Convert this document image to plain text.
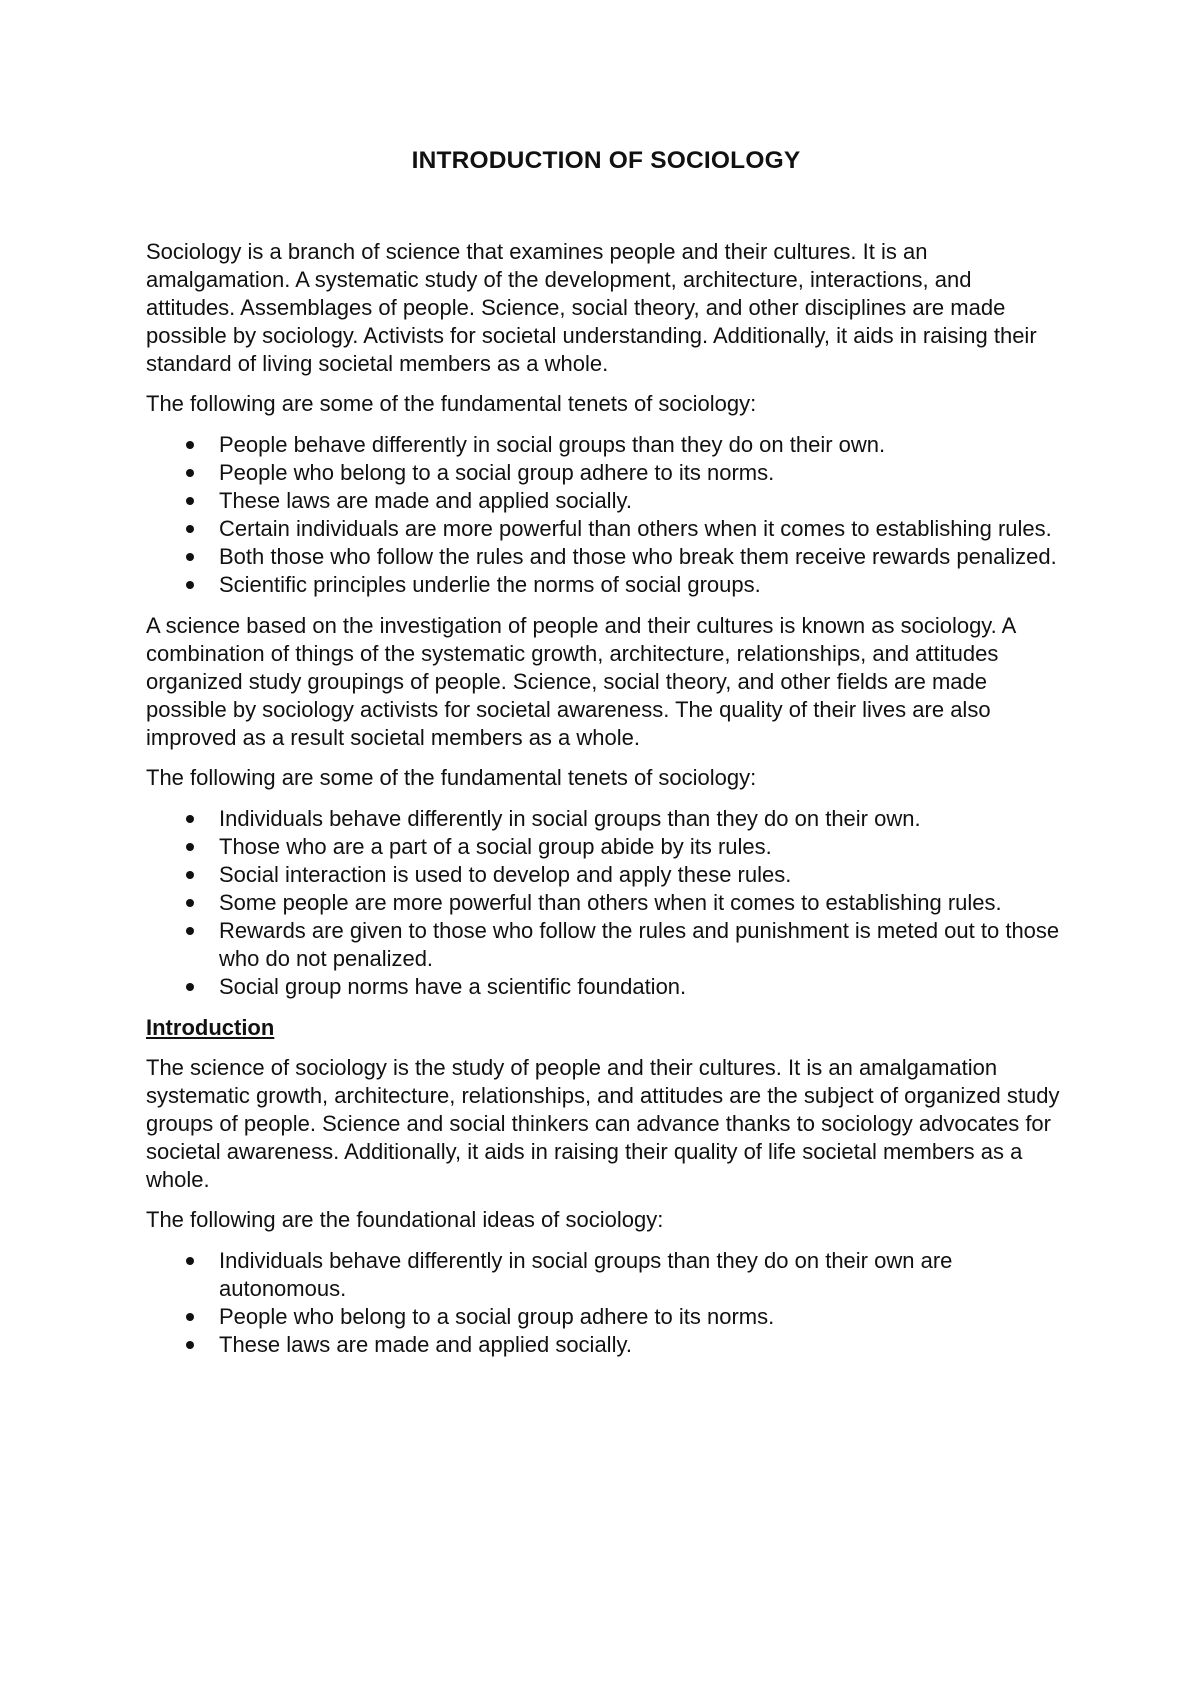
INTRODUCTION OF SOCIOLOGY

Sociology is a branch of science that examines people and their cultures. It is an amalgamation. A systematic study of the development, architecture, interactions, and attitudes. Assemblages of people. Science, social theory, and other disciplines are made possible by sociology. Activists for societal understanding. Additionally, it aids in raising their standard of living societal members as a whole.

The following are some of the fundamental tenets of sociology:

People behave differently in social groups than they do on their own.
People who belong to a social group adhere to its norms.
These laws are made and applied socially.
Certain individuals are more powerful than others when it comes to establishing rules.
Both those who follow the rules and those who break them receive rewards penalized.
Scientific principles underlie the norms of social groups.

A science based on the investigation of people and their cultures is known as sociology. A combination of things of the systematic growth, architecture, relationships, and attitudes organized study groupings of people. Science, social theory, and other fields are made possible by sociology activists for societal awareness. The quality of their lives are also improved as a result societal members as a whole.

The following are some of the fundamental tenets of sociology:

Individuals behave differently in social groups than they do on their own.
Those who are a part of a social group abide by its rules.
Social interaction is used to develop and apply these rules.
Some people are more powerful than others when it comes to establishing rules.
Rewards are given to those who follow the rules and punishment is meted out to those who do not penalized.
Social group norms have a scientific foundation.
Introduction

The science of sociology is the study of people and their cultures. It is an amalgamation systematic growth, architecture, relationships, and attitudes are the subject of organized study groups of people. Science and social thinkers can advance thanks to sociology advocates for societal awareness. Additionally, it aids in raising their quality of life societal members as a whole.

The following are the foundational ideas of sociology:

Individuals behave differently in social groups than they do on their own are autonomous.
People who belong to a social group adhere to its norms.
These laws are made and applied socially.
